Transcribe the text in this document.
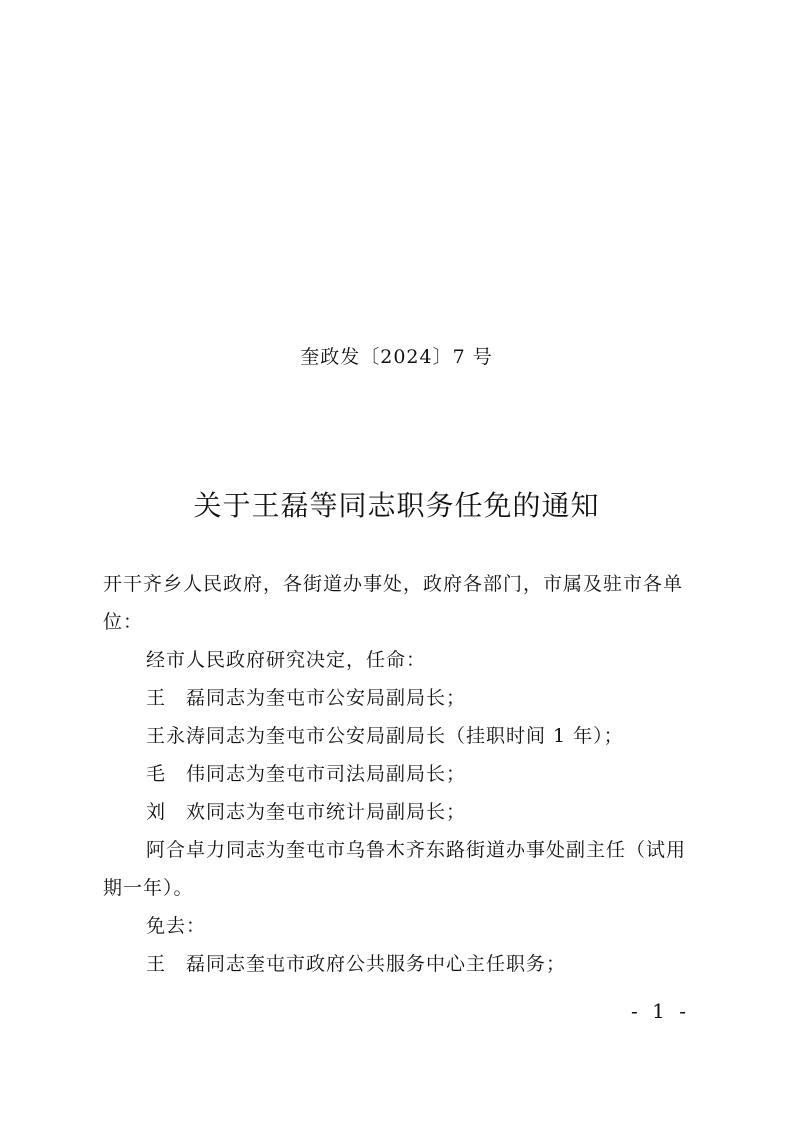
奎政发〔2024〕7 号
关于王磊等同志职务任免的通知

开干齐乡人民政府，各街道办事处，政府各部门，市属及驻市各单位：

经市人民政府研究决定，任命：

王　磊同志为奎屯市公安局副局长；

王永涛同志为奎屯市公安局副局长（挂职时间 1 年）；

毛　伟同志为奎屯市司法局副局长；

刘　欢同志为奎屯市统计局副局长；

阿合卓力同志为奎屯市乌鲁木齐东路街道办事处副主任（试用期一年）。

免去：

王　磊同志奎屯市政府公共服务中心主任职务；

- 1 -
